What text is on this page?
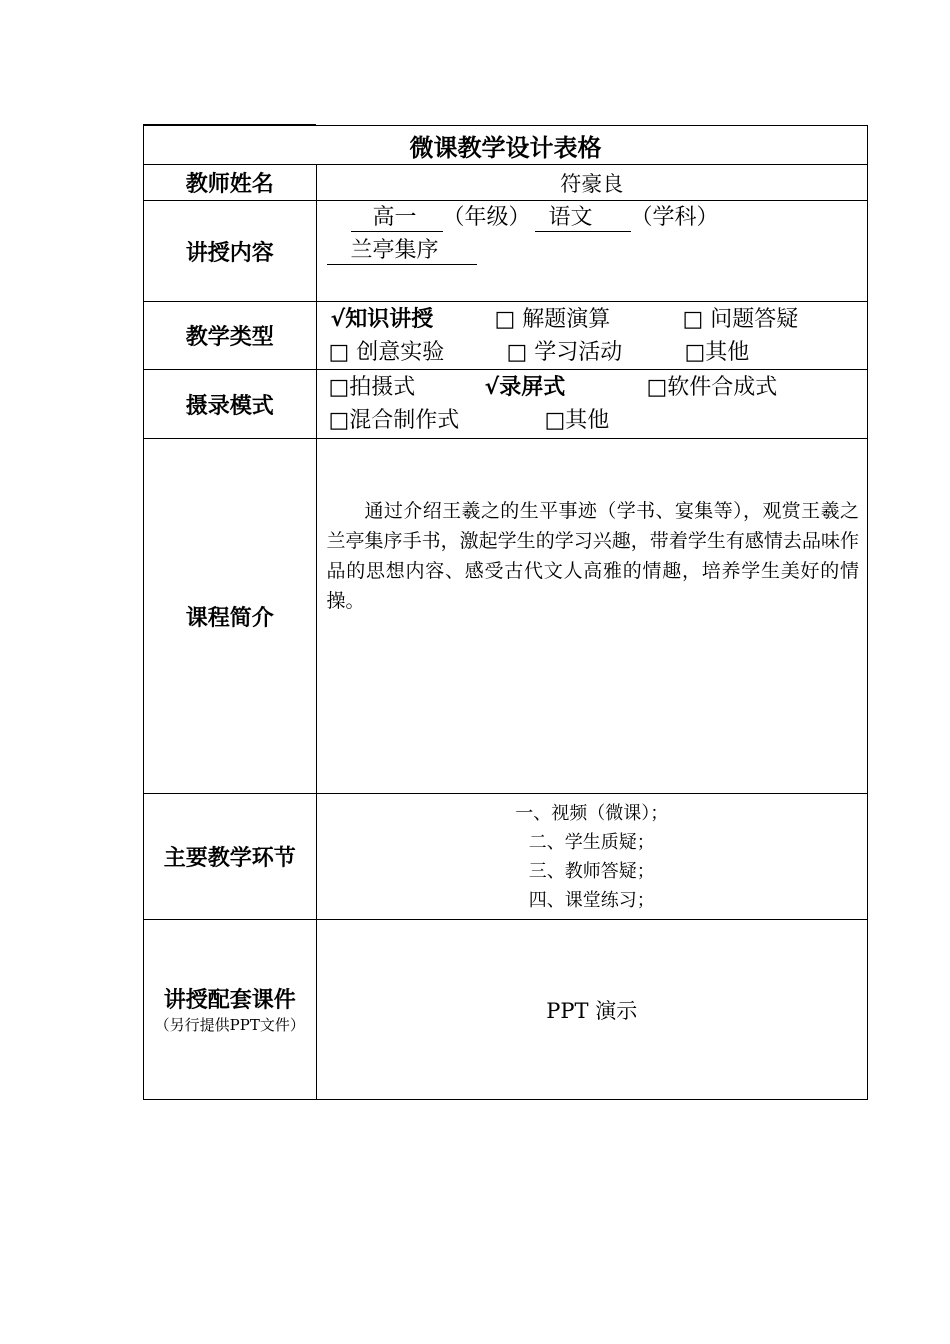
微课教学设计表格	
教师姓名	符豪良
讲授内容	高一 （年级） 语文 （学科）
兰亭集序

教学类型	√知识讲授 □ 解题演算 □ 问题答疑
□ 创意实验 □ 学习活动 □其他

摄录模式	□拍摄式 √录屏式 □软件合成式
□混合制作式 □其他

课程简介	通过介绍王羲之的生平事迹（学书、宴集等），观赏王羲之兰亭集序手书，激起学生的学习兴趣，带着学生有感情去品味作品的思想内容、感受古代文人高雅的情趣，培养学生美好的情操。

主要教学环节	一、视频（微课）；
二、学生质疑；
三、教师答疑；
四、课堂练习；

讲授配套课件
（另行提供PPT文件）	PPT 演示
